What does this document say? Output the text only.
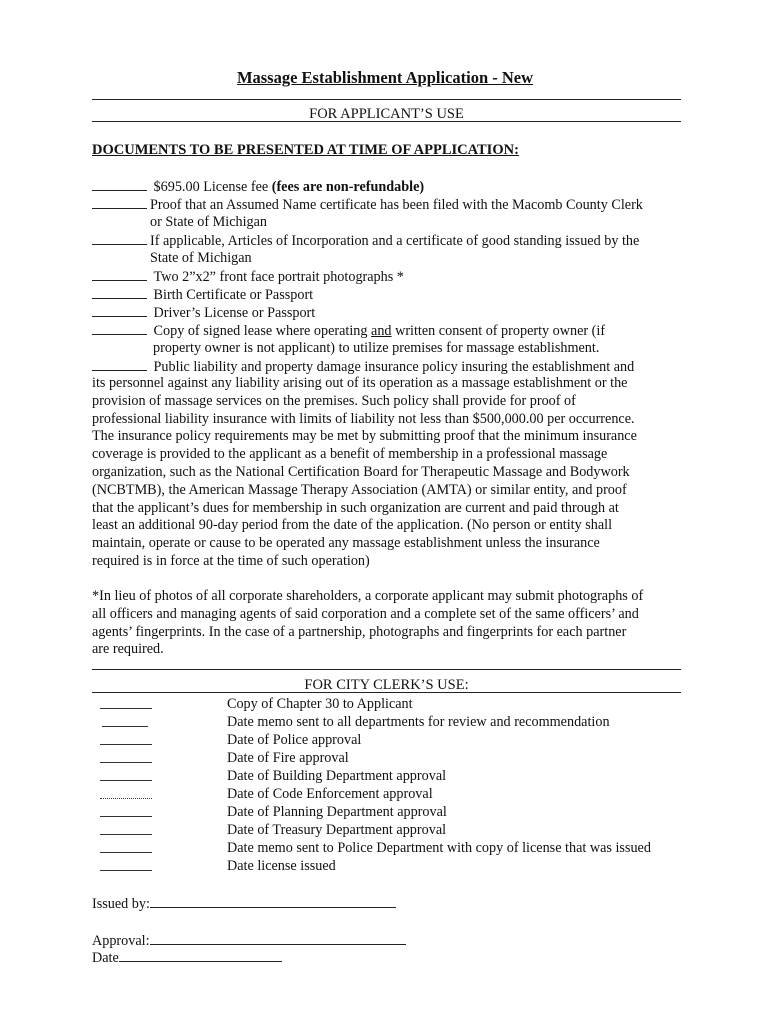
Massage Establishment Application - New
FOR APPLICANT’S USE
DOCUMENTS TO BE PRESENTED AT TIME OF APPLICATION:
$695.00 License fee (fees are non-refundable)
Proof that an Assumed Name certificate has been filed with the Macomb County Clerk
or State of Michigan
If applicable, Articles of Incorporation and a certificate of good standing issued by the
State of Michigan
Two 2”x2” front face portrait photographs *
Birth Certificate or Passport
Driver’s License or Passport
Copy of signed lease where operating and written consent of property owner (if
property owner is not applicant) to utilize premises for massage establishment.
Public liability and property damage insurance policy insuring the establishment and
its personnel against any liability arising out of its operation as a massage establishment or the
provision of massage services on the premises. Such policy shall provide for proof of
professional liability insurance with limits of liability not less than $500,000.00 per occurrence.
The insurance policy requirements may be met by submitting proof that the minimum insurance
coverage is provided to the applicant as a benefit of membership in a professional massage
organization, such as the National Certification Board for Therapeutic Massage and Bodywork
(NCBTMB), the American Massage Therapy Association (AMTA) or similar entity, and proof
that the applicant’s dues for membership in such organization are current and paid through at
least an additional 90-day period from the date of the application. (No person or entity shall
maintain, operate or cause to be operated any massage establishment unless the insurance
required is in force at the time of such operation)
*In lieu of photos of all corporate shareholders, a corporate applicant may submit photographs of
all officers and managing agents of said corporation and a complete set of the same officers’ and
agents’ fingerprints. In the case of a partnership, photographs and fingerprints for each partner
are required.
FOR CITY CLERK’S USE:
Copy of Chapter 30 to Applicant
Date memo sent to all departments for review and recommendation
Date of Police approval
Date of Fire approval
Date of Building Department approval
Date of Code Enforcement approval
Date of Planning Department approval
Date of Treasury Department approval
Date memo sent to Police Department with copy of license that was issued
Date license issued
Issued by:
Approval:
Date
